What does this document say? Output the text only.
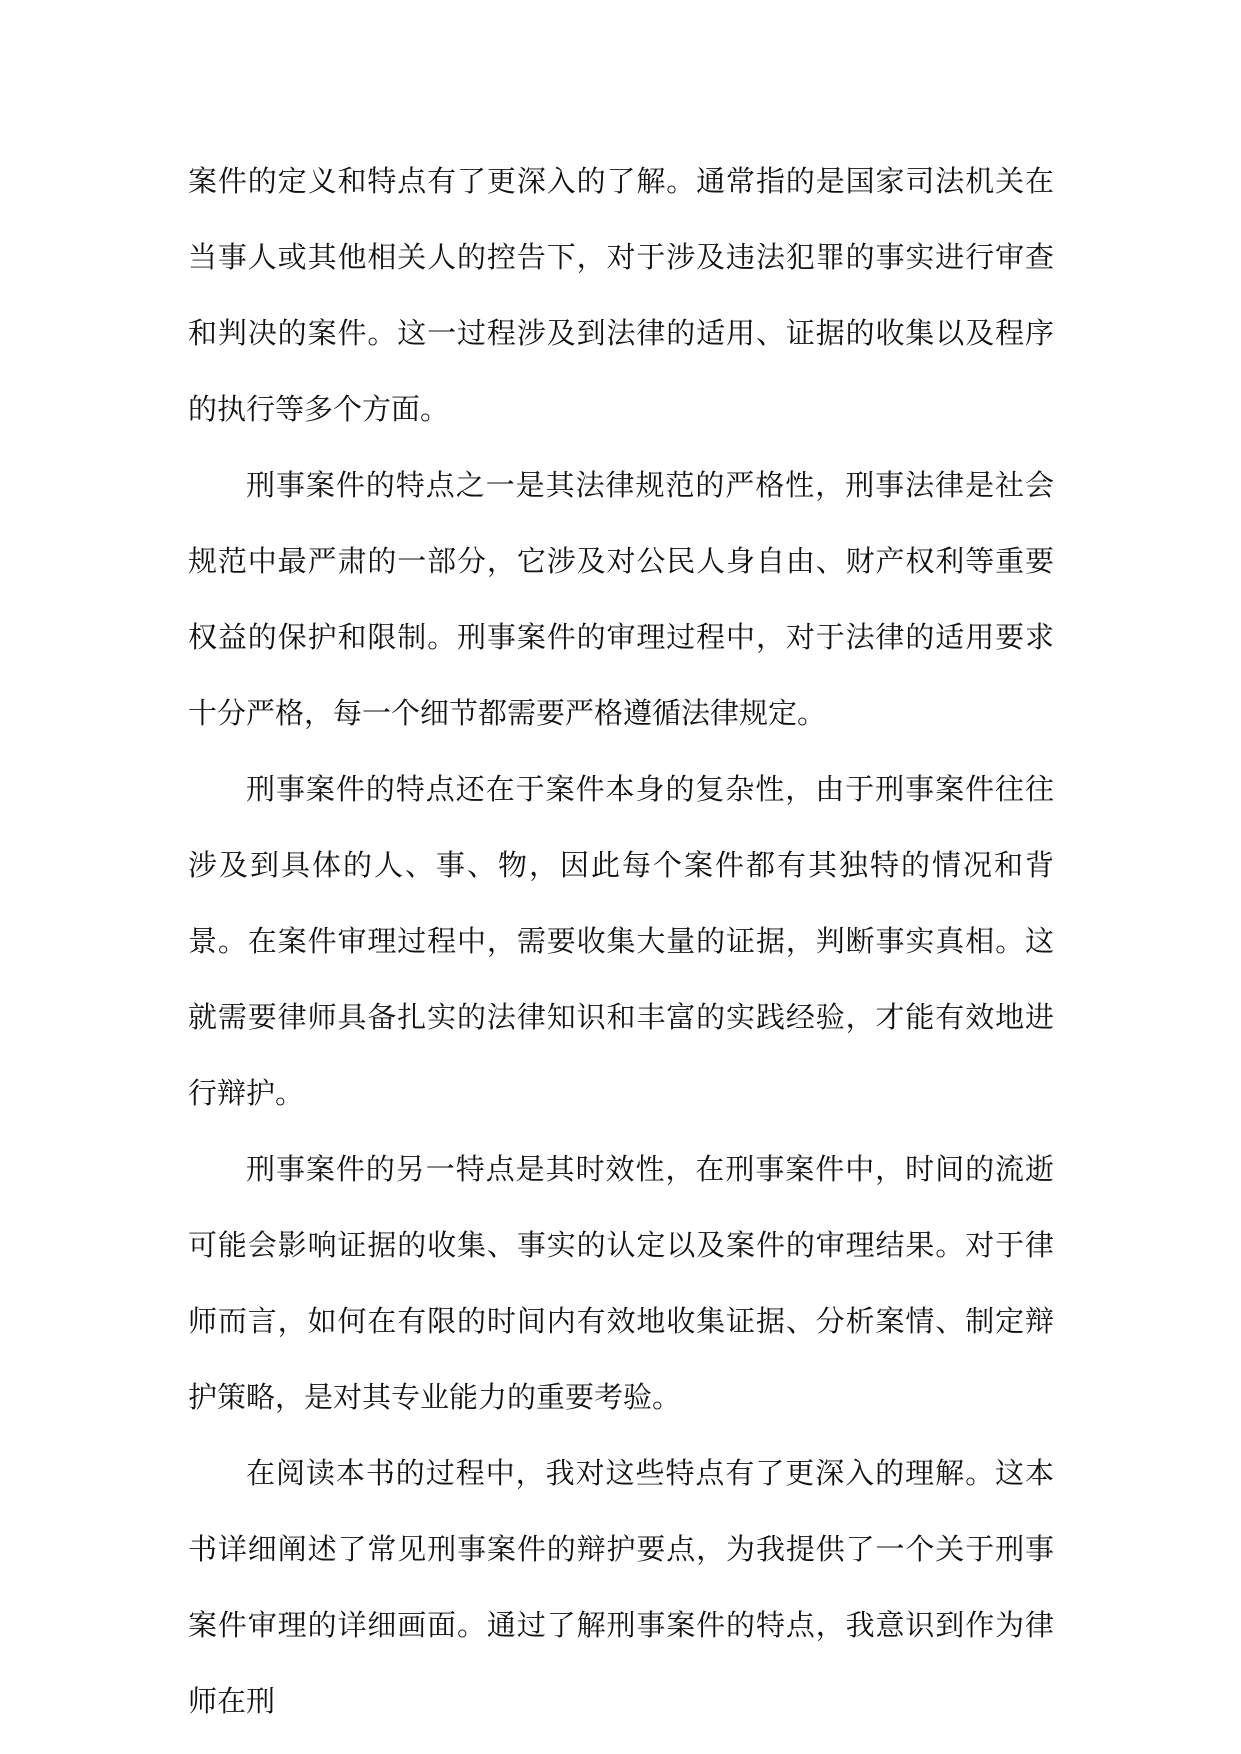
案件的定义和特点有了更深入的了解。通常指的是国家司法机关在当事人或其他相关人的控告下，对于涉及违法犯罪的事实进行审查和判决的案件。这一过程涉及到法律的适用、证据的收集以及程序的执行等多个方面。

刑事案件的特点之一是其法律规范的严格性，刑事法律是社会规范中最严肃的一部分，它涉及对公民人身自由、财产权利等重要权益的保护和限制。刑事案件的审理过程中，对于法律的适用要求十分严格，每一个细节都需要严格遵循法律规定。

刑事案件的特点还在于案件本身的复杂性，由于刑事案件往往涉及到具体的人、事、物，因此每个案件都有其独特的情况和背景。在案件审理过程中，需要收集大量的证据，判断事实真相。这就需要律师具备扎实的法律知识和丰富的实践经验，才能有效地进行辩护。

刑事案件的另一特点是其时效性，在刑事案件中，时间的流逝可能会影响证据的收集、事实的认定以及案件的审理结果。对于律师而言，如何在有限的时间内有效地收集证据、分析案情、制定辩护策略，是对其专业能力的重要考验。

在阅读本书的过程中，我对这些特点有了更深入的理解。这本书详细阐述了常见刑事案件的辩护要点，为我提供了一个关于刑事案件审理的详细画面。通过了解刑事案件的特点，我意识到作为律师在刑
